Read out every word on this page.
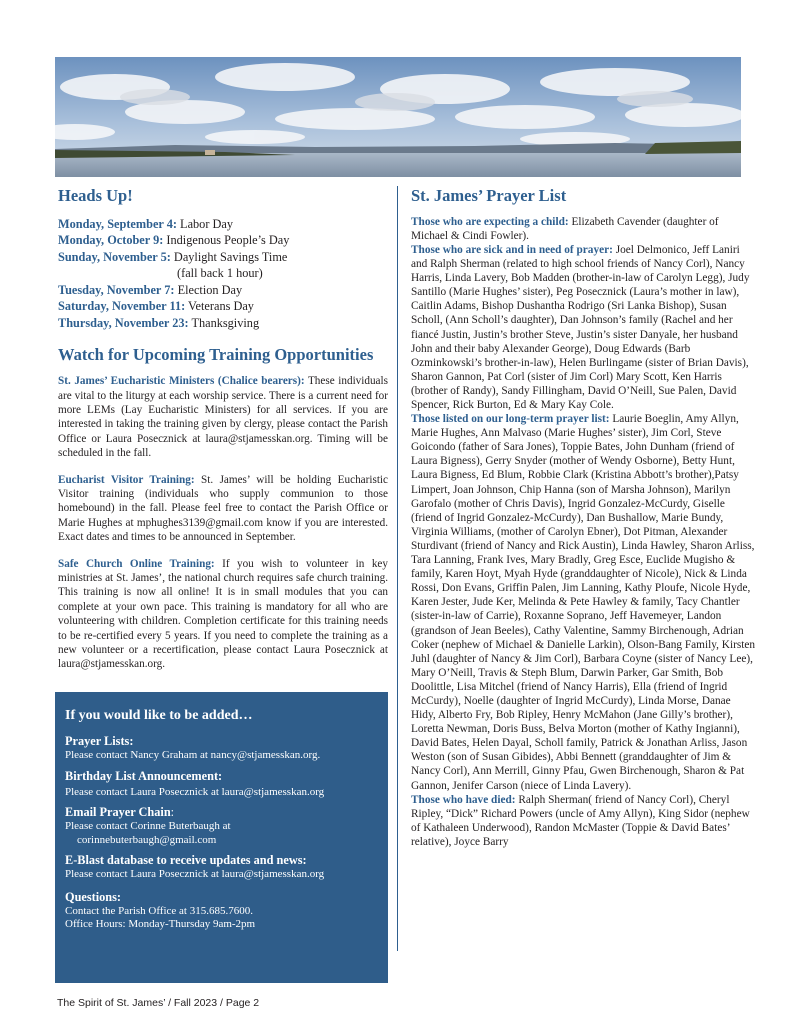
Heads Up!
Monday, September 4: Labor Day
Monday, October 9: Indigenous People’s Day
Sunday, November 5: Daylight Savings Time
(fall back 1 hour)
Tuesday, November 7: Election Day
Saturday, November 11: Veterans Day
Thursday, November 23: Thanksgiving
Watch for Upcoming Training Opportunities
St. James’ Eucharistic Ministers (Chalice bearers): These individuals are vital to the liturgy at each worship service. There is a current need for more LEMs (Lay Eucharistic Ministers) for all services. If you are interested in taking the training given by clergy, please contact the Parish Office or Laura Posecznick at laura@stjamesskan.org. Timing will be scheduled in the fall.
Eucharist Visitor Training: St. James’ will be holding Eucharistic Visitor training (individuals who supply communion to those homebound) in the fall. Please feel free to contact the Parish Office or Marie Hughes at mphughes3139@gmail.com know if you are interested. Exact dates and times to be announced in September.
Safe Church Online Training: If you wish to volunteer in key ministries at St. James’, the national church requires safe church training. This training is now all online! It is in small modules that you can complete at your own pace. This training is mandatory for all who are volunteering with children. Completion certificate for this training needs to be re-certified every 5 years. If you need to complete the training as a new volunteer or a recertification, please contact Laura Posecznick at laura@stjamesskan.org.
If you would like to be added…
Prayer Lists:
Please contact Nancy Graham at nancy@stjamesskan.org.
Birthday List Announcement:
Please contact Laura Posecznick at laura@stjamesskan.org
Email Prayer Chain:
Please contact Corinne Buterbaugh at
corinnebuterbaugh@gmail.com
E-Blast database to receive updates and news:
Please contact Laura Posecznick at laura@stjamesskan.org
Questions:
Contact the Parish Office at 315.685.7600.
Office Hours: Monday-Thursday 9am-2pm
St. James’ Prayer List

Those who are expecting a child: Elizabeth Cavender (daughter of Michael & Cindi Fowler).

Those who are sick and in need of prayer: Joel Delmonico, Jeff Laniri and Ralph Sherman (related to high school friends of Nancy Corl), Nancy Harris, Linda Lavery, Bob Madden (brother-in-law of Carolyn Legg), Judy Santillo (Marie Hughes’ sister), Peg Posecznick (Laura’s mother in law), Caitlin Adams, Bishop Dushantha Rodrigo (Sri Lanka Bishop), Susan Scholl, (Ann Scholl’s daughter), Dan Johnson’s family (Rachel and her fiancé Justin, Justin’s brother Steve, Justin’s sister Danyale, her husband John and their baby Alexander George), Doug Edwards (Barb Ozminkowski’s brother-in-law), Helen Burlingame (sister of Brian Davis), Sharon Gannon, Pat Corl (sister of Jim Corl) Mary Scott, Ken Harris (brother of Randy), Sandy Fillingham, David O’Neill, Sue Palen, David Spencer, Rick Burton, Ed & Mary Kay Cole.

Those listed on our long-term prayer list: Laurie Boeglin, Amy Allyn, Marie Hughes, Ann Malvaso (Marie Hughes’ sister), Jim Corl, Steve Goicondo (father of Sara Jones), Toppie Bates, John Dunham (friend of Laura Bigness), Gerry Snyder (mother of Wendy Osborne), Betty Hunt, Laura Bigness, Ed Blum, Robbie Clark (Kristina Abbott’s brother),Patsy Limpert, Joan Johnson, Chip Hanna (son of Marsha Johnson), Marilyn Garofalo (mother of Chris Davis), Ingrid Gonzalez-McCurdy, Giselle (friend of Ingrid Gonzalez-McCurdy), Dan Bushallow, Marie Bundy, Virginia Williams, (mother of Carolyn Ebner), Dot Pitman, Alexander Sturdivant (friend of Nancy and Rick Austin), Linda Hawley, Sharon Arliss, Tara Lanning, Frank Ives, Mary Bradly, Greg Esce, Euclide Mugisho & family, Karen Hoyt, Myah Hyde (granddaughter of Nicole), Nick & Linda Rossi, Don Evans, Griffin Palen, Jim Lanning, Kathy Ploufe, Nicole Hyde, Karen Jester, Jude Ker, Melinda & Pete Hawley & family, Tacy Chantler (sister-in-law of Carrie), Roxanne Soprano, Jeff Havemeyer, Landon (grandson of Jean Beeles), Cathy Valentine, Sammy Birchenough, Adrian Coker (nephew of Michael & Danielle Larkin), Olson-Bang Family, Kirsten Juhl (daughter of Nancy & Jim Corl), Barbara Coyne (sister of Nancy Lee), Mary O’Neill, Travis & Steph Blum, Darwin Parker, Gar Smith, Bob Doolittle, Lisa Mitchel (friend of Nancy Harris), Ella (friend of Ingrid McCurdy), Noelle (daughter of Ingrid McCurdy), Linda Morse, Danae Hidy, Alberto Fry, Bob Ripley, Henry McMahon (Jane Gilly’s brother), Loretta Newman, Doris Buss, Belva Morton (mother of Kathy Ingianni), David Bates, Helen Dayal, Scholl family, Patrick & Jonathan Arliss, Jason Weston (son of Susan Gibides), Abbi Bennett (granddaughter of Jim & Nancy Corl), Ann Merrill, Ginny Pfau, Gwen Birchenough, Sharon & Pat Gannon, Jenifer Carson (niece of Linda Lavery).

Those who have died: Ralph Sherman( friend of Nancy Corl), Cheryl Ripley, “Dick” Richard Powers (uncle of Amy Allyn), King Sidor (nephew of Kathaleen Underwood), Randon McMaster (Toppie & David Bates’ relative), Joyce Barry

The Spirit of St. James’ / Fall 2023 / Page 2
